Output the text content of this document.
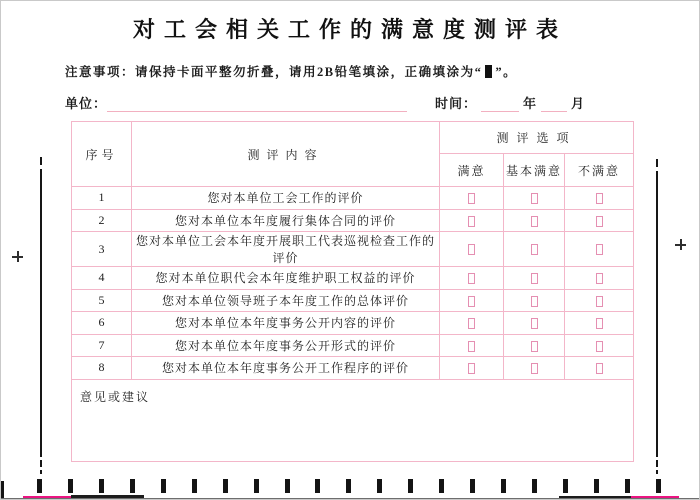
对工会相关工作的满意度测评表
注意事项：请保持卡面平整勿折叠，请用2B铅笔填涂，正确填涂为“ ”。
单位：	时间：	年	月
序号	测评内容	测评选项		
		满意	基本满意	不满意
1	您对本单位工会工作的评价			
2	您对本单位本年度履行集体合同的评价			
3	您对本单位工会本年度开展职工代表巡视检查工作的评价			
4	您对本单位职代会本年度维护职工权益的评价			
5	您对本单位领导班子本年度工作的总体评价			
6	您对本单位本年度事务公开内容的评价			
7	您对本单位本年度事务公开形式的评价			
8	您对本单位本年度事务公开工作程序的评价			
意见或建议				
